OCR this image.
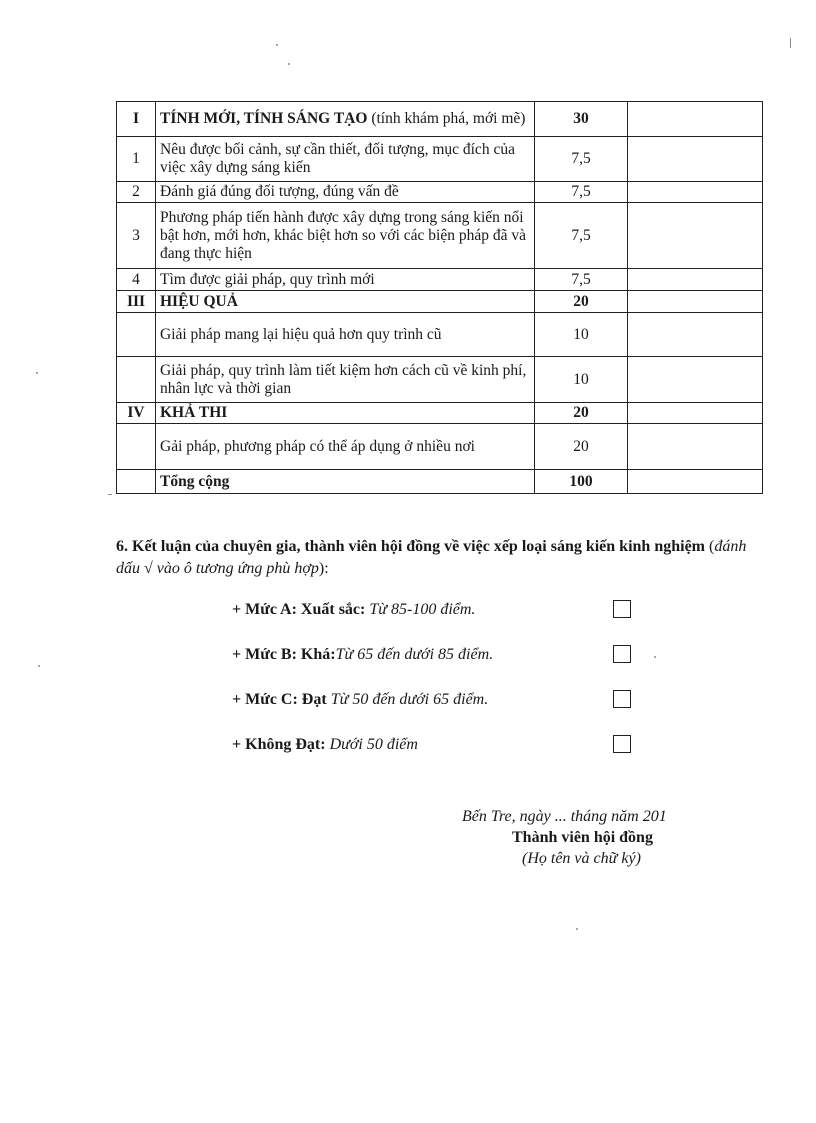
I	TÍNH MỚI, TÍNH SÁNG TẠO (tính khám phá, mới mẽ)	30	
1	Nêu được bối cảnh, sự cần thiết, đối tượng, mục đích của việc xây dựng sáng kiến	7,5	
2	Đánh giá đúng đối tượng, đúng vấn đề	7,5	
3	Phương pháp tiến hành được xây dựng trong sáng kiến nổi bật hơn, mới hơn, khác biệt hơn so với các biện pháp đã và đang thực hiện	7,5	
4	Tìm được giải pháp, quy trình mới	7,5	
III	HIỆU QUẢ	20	
	Giải pháp mang lại hiệu quả hơn quy trình cũ	10	
	Giải pháp, quy trình làm tiết kiệm hơn cách cũ về kinh phí, nhân lực và thời gian	10	
IV	KHẢ THI	20	
	Gải pháp, phương pháp có thể áp dụng ở nhiều nơi	20	
	Tổng cộng	100	
6. Kết luận của chuyên gia, thành viên hội đồng về việc xếp loại sáng kiến kinh nghiệm (đánh dấu √ vào ô tương ứng phù hợp):
+ Mức A: Xuất sắc: Từ 85-100 điểm.
+ Mức B: Khá:Từ 65 đến dưới 85 điểm.
+ Mức C: Đạt Từ 50 đến dưới 65 điểm.
+ Không Đạt: Dưới 50 điểm
Bến Tre, ngày ... tháng năm 201
Thành viên hội đồng
(Họ tên và chữ ký)
